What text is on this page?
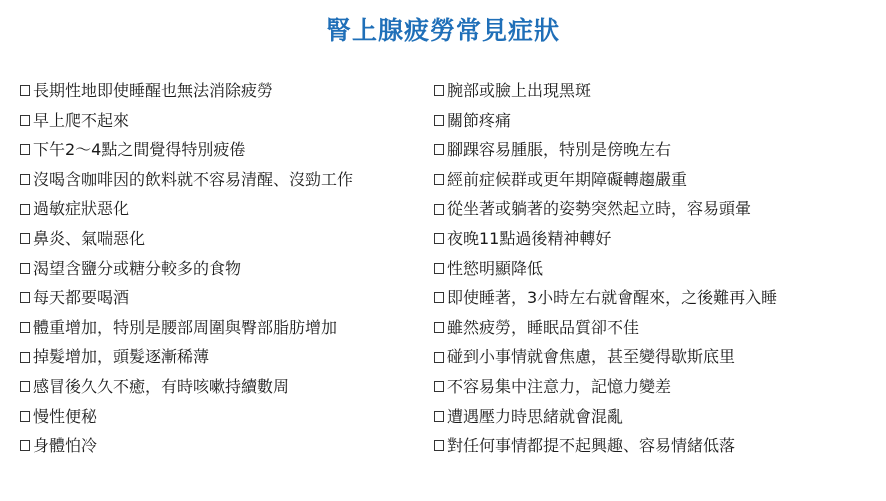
腎上腺疲勞常見症狀
長期性地即使睡醒也無法消除疲勞
早上爬不起來
下午2～4點之間覺得特別疲倦
沒喝含咖啡因的飲料就不容易清醒、沒勁工作
過敏症狀惡化
鼻炎、氣喘惡化
渴望含鹽分或糖分較多的食物
每天都要喝酒
體重增加，特別是腰部周圍與臀部脂肪增加
掉髮增加，頭髮逐漸稀薄
感冒後久久不癒，有時咳嗽持續數周
慢性便秘
身體怕冷
腕部或臉上出現黑斑
關節疼痛
腳踝容易腫脹，特別是傍晚左右
經前症候群或更年期障礙轉趨嚴重
從坐著或躺著的姿勢突然起立時，容易頭暈
夜晚11點過後精神轉好
性慾明顯降低
即使睡著，3小時左右就會醒來，之後難再入睡
雖然疲勞，睡眠品質卻不佳
碰到小事情就會焦慮，甚至變得歇斯底里
不容易集中注意力，記憶力變差
遭遇壓力時思緒就會混亂
對任何事情都提不起興趣、容易情緒低落
